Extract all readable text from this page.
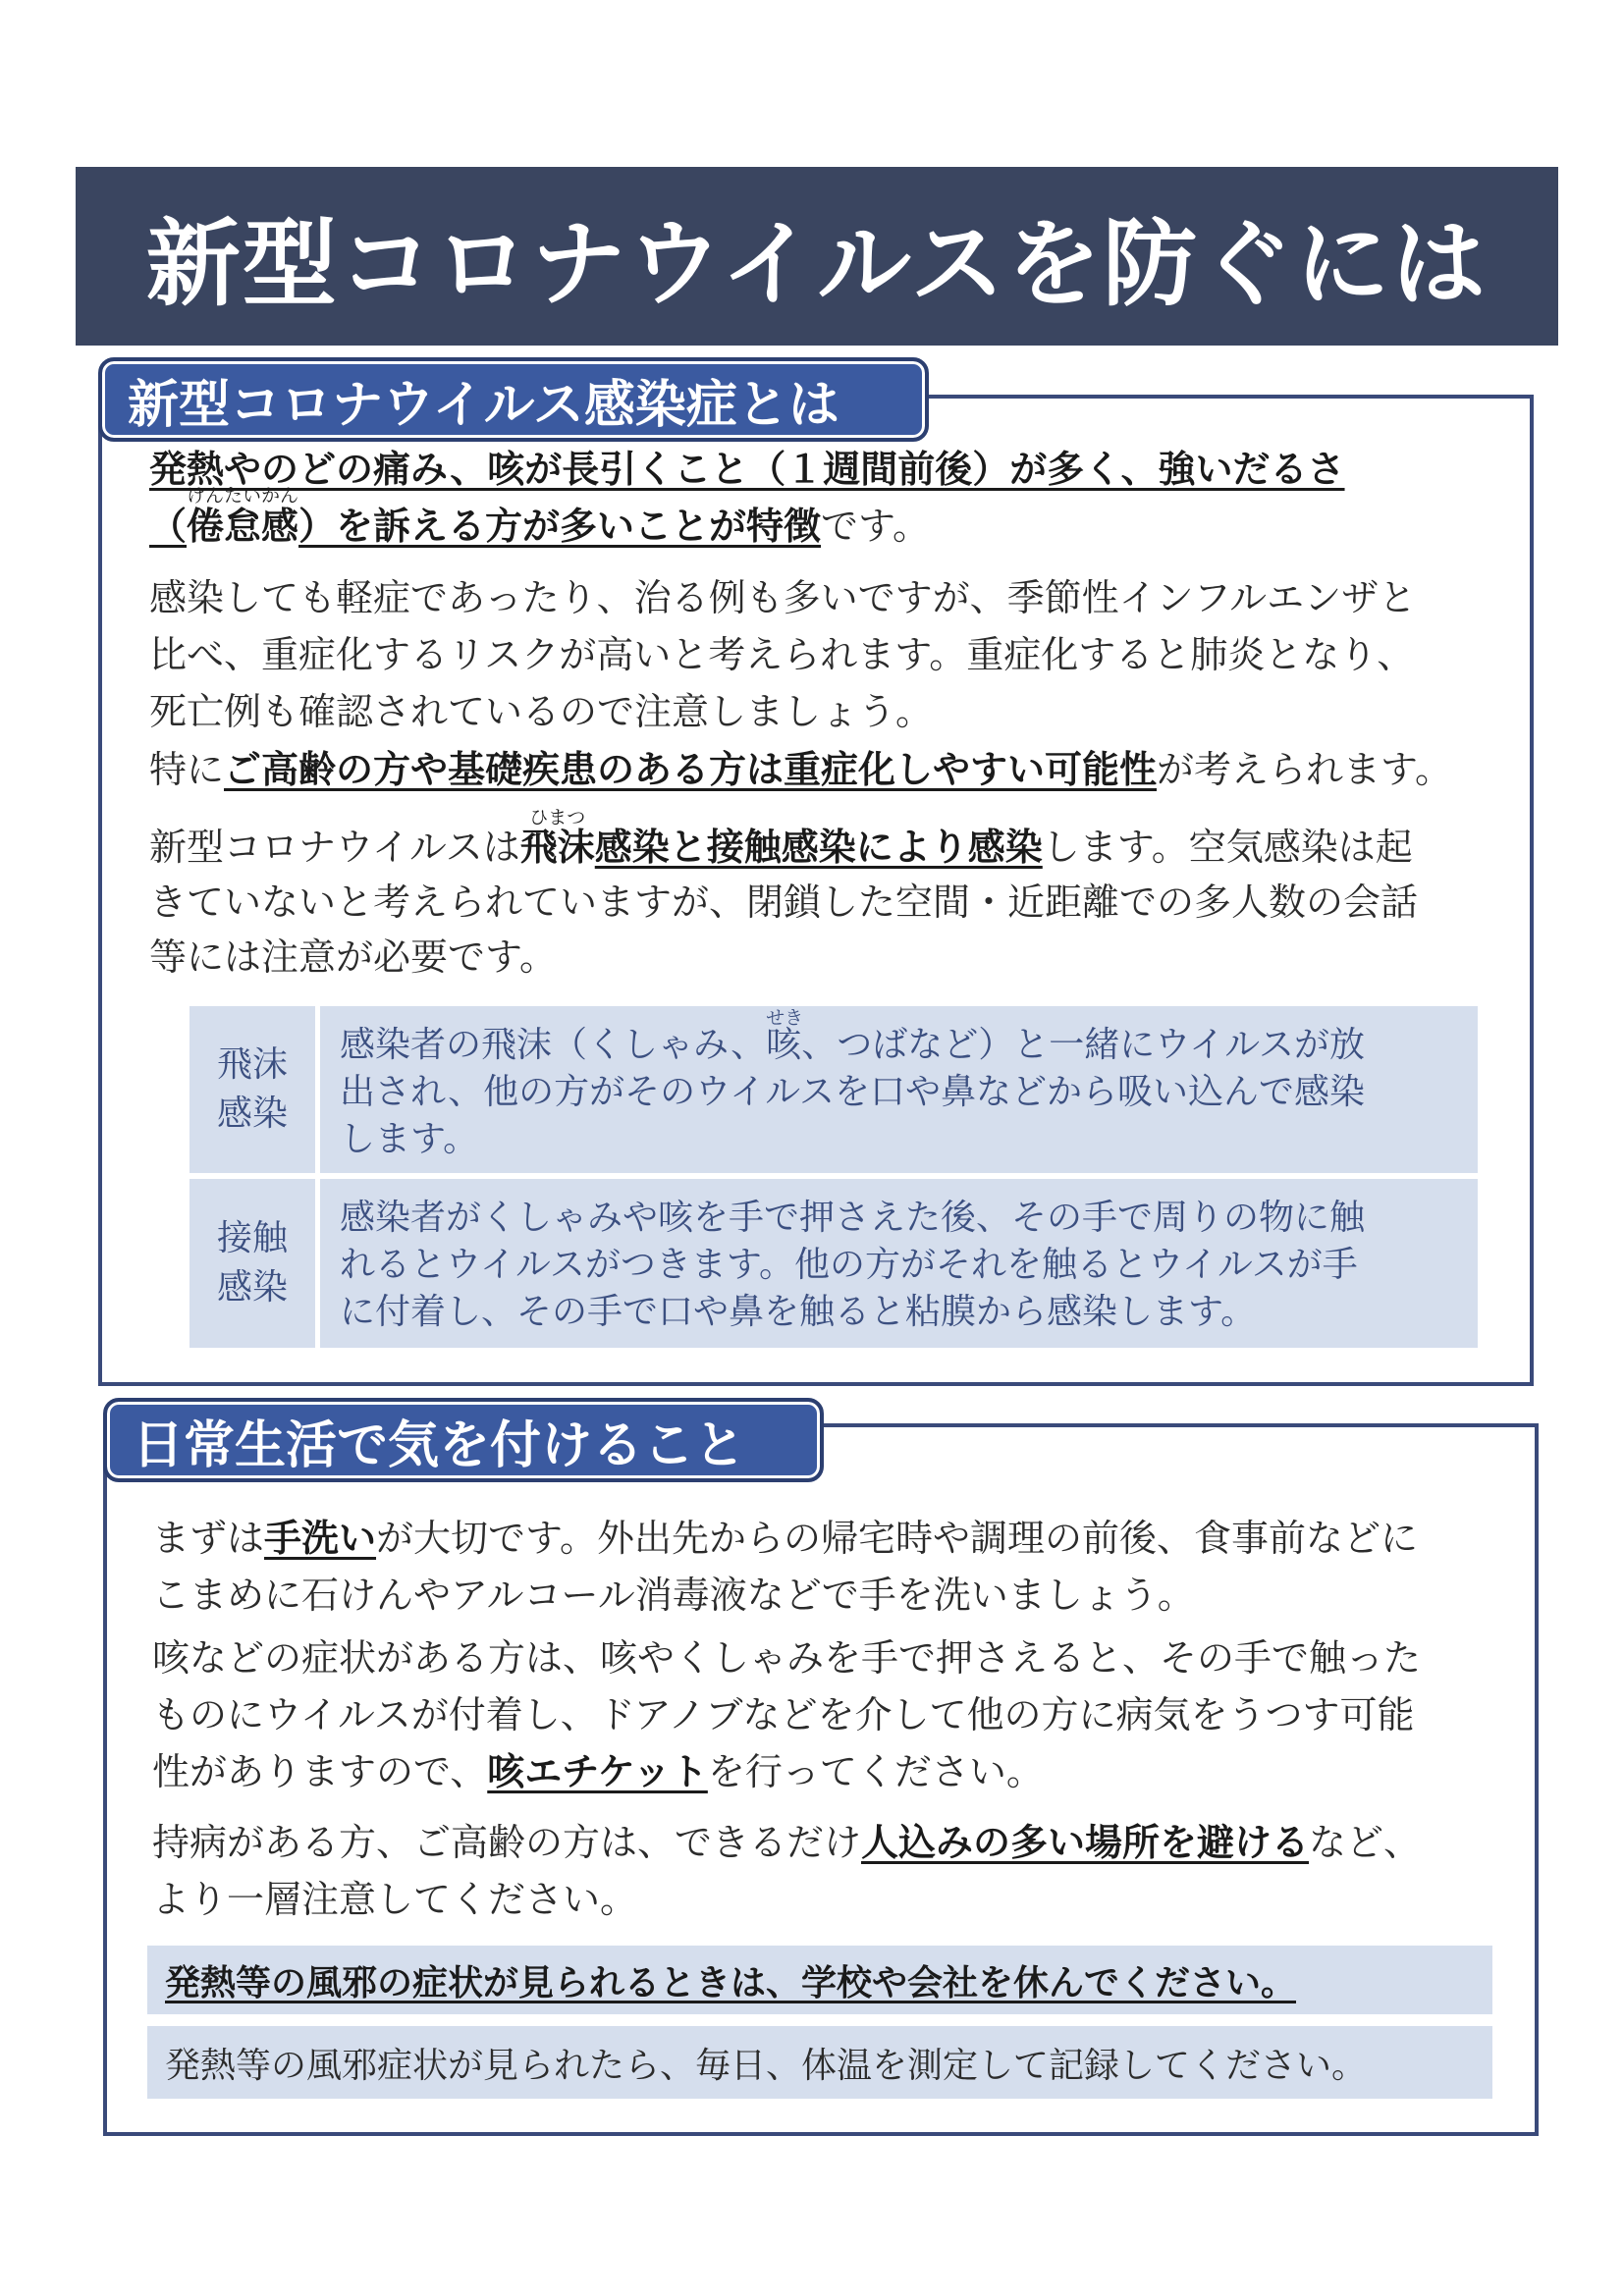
新型コロナウイルスを防ぐには
新型コロナウイルス感染症とは

発熱やのどの痛み、咳が長引くこと（１週間前後）が多く、強いだるさ
（
けんたいかん
倦怠感）を訴える方が多いことが特徴です。

感染しても軽症であったり、治る例も多いですが、季節性インフルエンザと
比べ、重症化するリスクが高いと考えられます。重症化すると肺炎となり、
死亡例も確認されているので注意しましょう。

特にご高齢の方や基礎疾患のある方は重症化しやすい可能性が考えられます。

新型コロナウイルスは
ひまつ
飛沫感染と接触感染により感染します。空気感染は起
きていないと考えられていますが、閉鎖した空間・近距離での多人数の会話
等には注意が必要です。

飛沫
感染
感染者の飛沫（くしゃみ、
せき
咳、つばなど）と一緒にウイルスが放
出され、他の方がそのウイルスを口や鼻などから吸い込んで感染
します。
接触
感染
感染者がくしゃみや咳を手で押さえた後、その手で周りの物に触
れるとウイルスがつきます。他の方がそれを触るとウイルスが手
に付着し、その手で口や鼻を触ると粘膜から感染します。
日常生活で気を付けること

まずは手洗いが大切です。外出先からの帰宅時や調理の前後、食事前などに
こまめに石けんやアルコール消毒液などで手を洗いましょう。

咳などの症状がある方は、咳やくしゃみを手で押さえると、その手で触った
ものにウイルスが付着し、ドアノブなどを介して他の方に病気をうつす可能
性がありますので、咳エチケットを行ってください。

持病がある方、ご高齢の方は、できるだけ人込みの多い場所を避けるなど、
より一層注意してください。

発熱等の風邪の症状が見られるときは、学校や会社を休んでください。
発熱等の風邪症状が見られたら、毎日、体温を測定して記録してください。
